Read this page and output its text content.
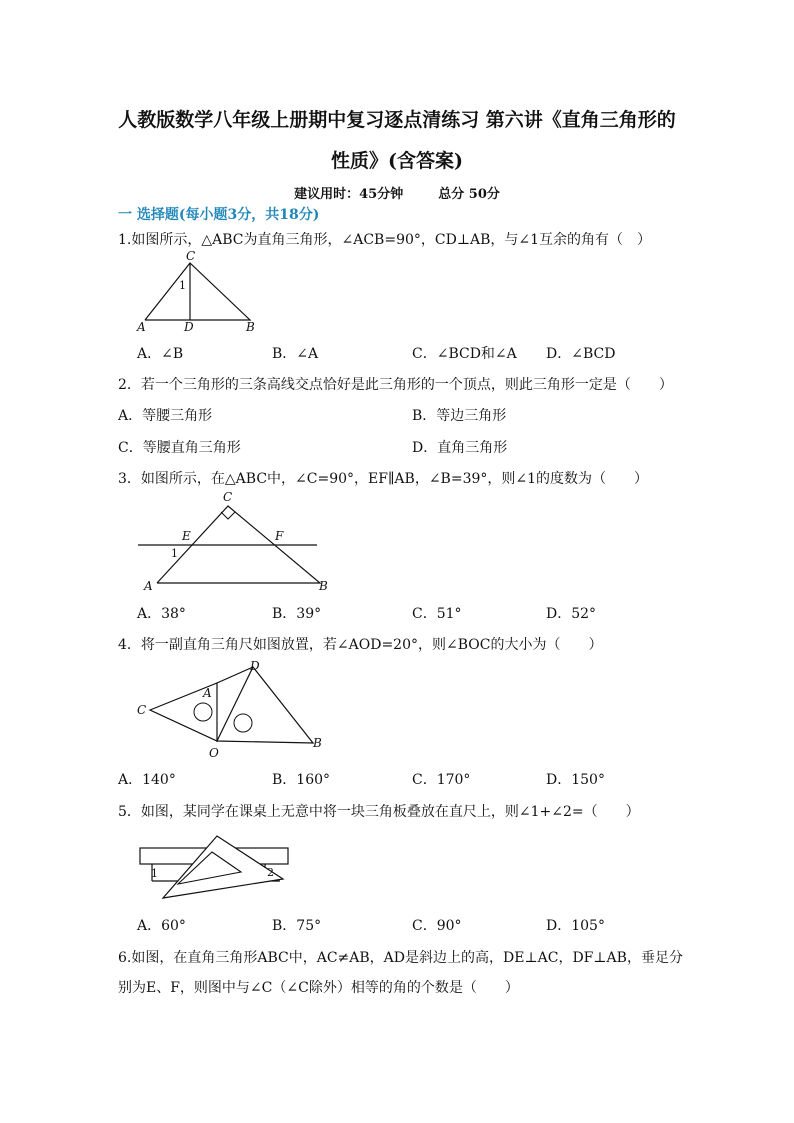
人教版数学八年级上册期中复习逐点清练习 第六讲《直角三角形的
性质》(含答案)
建议用时：45分钟	总分 50分
一 选择题(每小题3分，共18分)
1.如图所示，△ABC为直角三角形，∠ACB=90°，CD⊥AB，与∠1互余的角有（　）
C
1
A	D	B
A．∠B	B．∠A	C．∠BCD和∠A D．∠BCD
2．若一个三角形的三条高线交点恰好是此三角形的一个顶点，则此三角形一定是（　　）
A．等腰三角形	B．等边三角形
C．等腰直角三角形	D．直角三角形
3．如图所示，在△ABC中，∠C=90°，EF∥AB，∠B=39°，则∠1的度数为（　　）
C
E	F
1
A	B
A．38°	B．39°	C．51°	D．52°
4．将一副直角三角尺如图放置，若∠AOD=20°，则∠BOC的大小为（　　）
D
A
C
O
B
A．140°	B．160°	C．170°	D．150°
5．如图，某同学在课桌上无意中将一块三角板叠放在直尺上，则∠1+∠2=（　　）
1	2
A．60°	B．75°	C．90°	D．105°
6.如图，在直角三角形ABC中，AC≠AB，AD是斜边上的高，DE⊥AC，DF⊥AB，垂足分
别为E、F，则图中与∠C（∠C除外）相等的角的个数是（　　）
